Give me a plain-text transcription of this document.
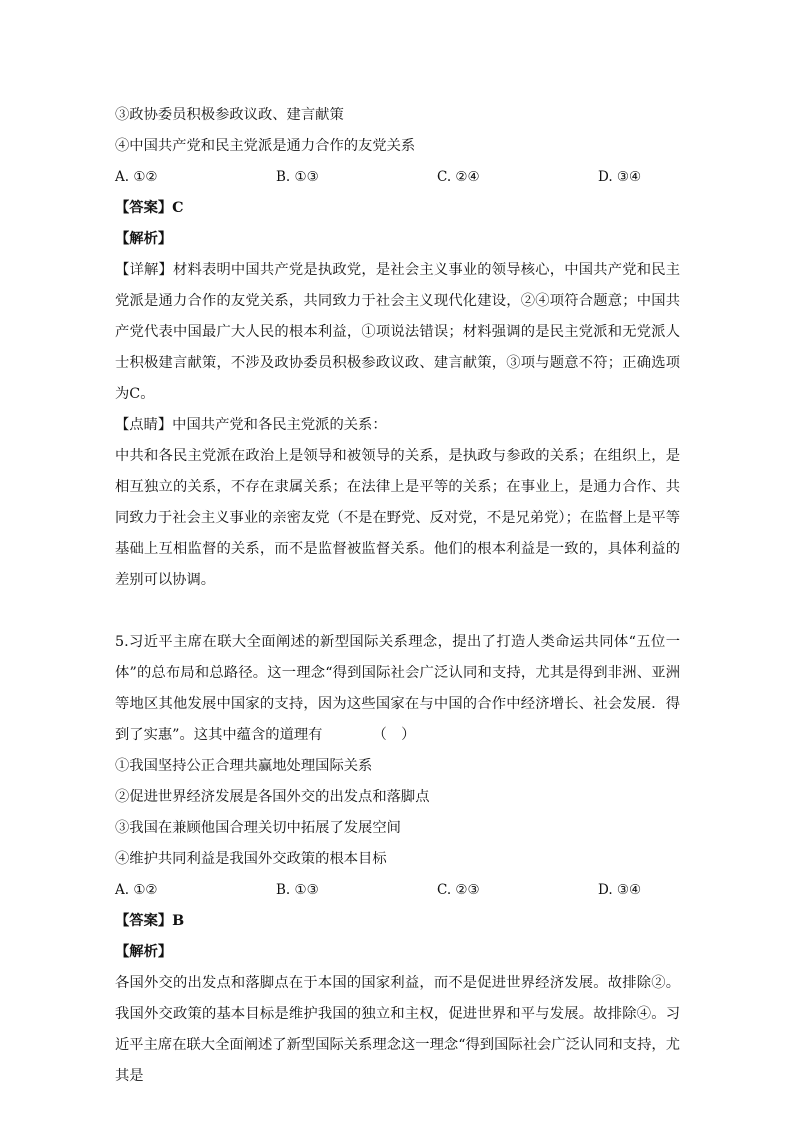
③政协委员积极参政议政、建言献策
④中国共产党和民主党派是通力合作的友党关系
A. ①②	B. ①③	C. ②④	D. ③④
【答案】C
【解析】
【详解】材料表明中国共产党是执政党，是社会主义事业的领导核心，中国共产党和民主党派是通力合作的友党关系，共同致力于社会主义现代化建设，②④项符合题意；中国共产党代表中国最广大人民的根本利益，①项说法错误；材料强调的是民主党派和无党派人士积极建言献策，不涉及政协委员积极参政议政、建言献策，③项与题意不符；正确选项为C。
【点睛】中国共产党和各民主党派的关系：
中共和各民主党派在政治上是领导和被领导的关系，是执政与参政的关系；在组织上，是相互独立的关系，不存在隶属关系；在法律上是平等的关系；在事业上，是通力合作、共同致力于社会主义事业的亲密友党（不是在野党、反对党，不是兄弟党）；在监督上是平等基础上互相监督的关系，而不是监督被监督关系。他们的根本利益是一致的，具体利益的差别可以协调。
5.习近平主席在联大全面阐述的新型国际关系理念，提出了打造人类命运共同体“五位一体”的总布局和总路径。这一理念“得到国际社会广泛认同和支持，尤其是得到非洲、亚洲等地区其他发展中国家的支持，因为这些国家在与中国的合作中经济增长、社会发展．得到了实惠”。这其中蕴含的道理有　　　　（　）
①我国坚持公正合理共赢地处理国际关系
②促进世界经济发展是各国外交的出发点和落脚点
③我国在兼顾他国合理关切中拓展了发展空间
④维护共同利益是我国外交政策的根本目标
A. ①②	B. ①③	C. ②③	D. ③④
【答案】B
【解析】
各国外交的出发点和落脚点在于本国的国家利益，而不是促进世界经济发展。故排除②。我国外交政策的基本目标是维护我国的独立和主权，促进世界和平与发展。故排除④。习近平主席在联大全面阐述了新型国际关系理念这一理念“得到国际社会广泛认同和支持，尤其是
